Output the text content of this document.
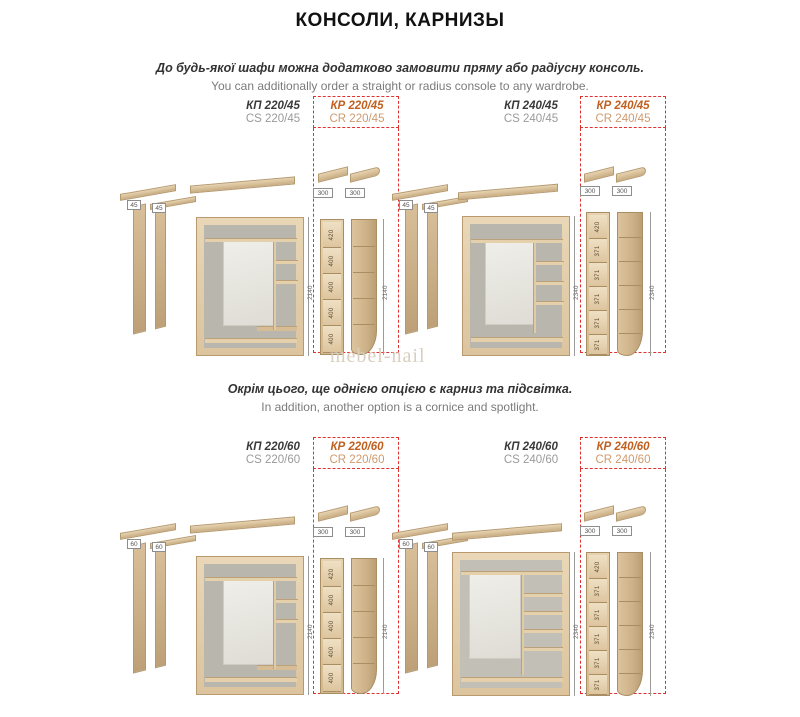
КОНСОЛИ, КАРНИЗЫ
До будь-якої шафи можна додатково замовити пряму або радіусну консоль.
You can additionally order a straight or radius console to any wardrobe.
КП 220/45
CS 220/45
КР 220/45
CR 220/45
КП 240/45
CS 240/45
КР 240/45
CR 240/45
45	45
2140
420
400
400
400
400
300	300
2140
45	45
2340
420
371
371
371
371
371
300	300
2340
mebel-nail
Окрім цього, ще однією опцією є карниз та підсвітка.
In addition, another option is a cornice and spotlight.
КП 220/60
CS 220/60
КР 220/60
CR 220/60
КП 240/60
CS 240/60
КР 240/60
CR 240/60
60	60
2140
420
400
400
400
400
300	300
2140
60	60
2340
420
371
371
371
371
371
300	300
2340
